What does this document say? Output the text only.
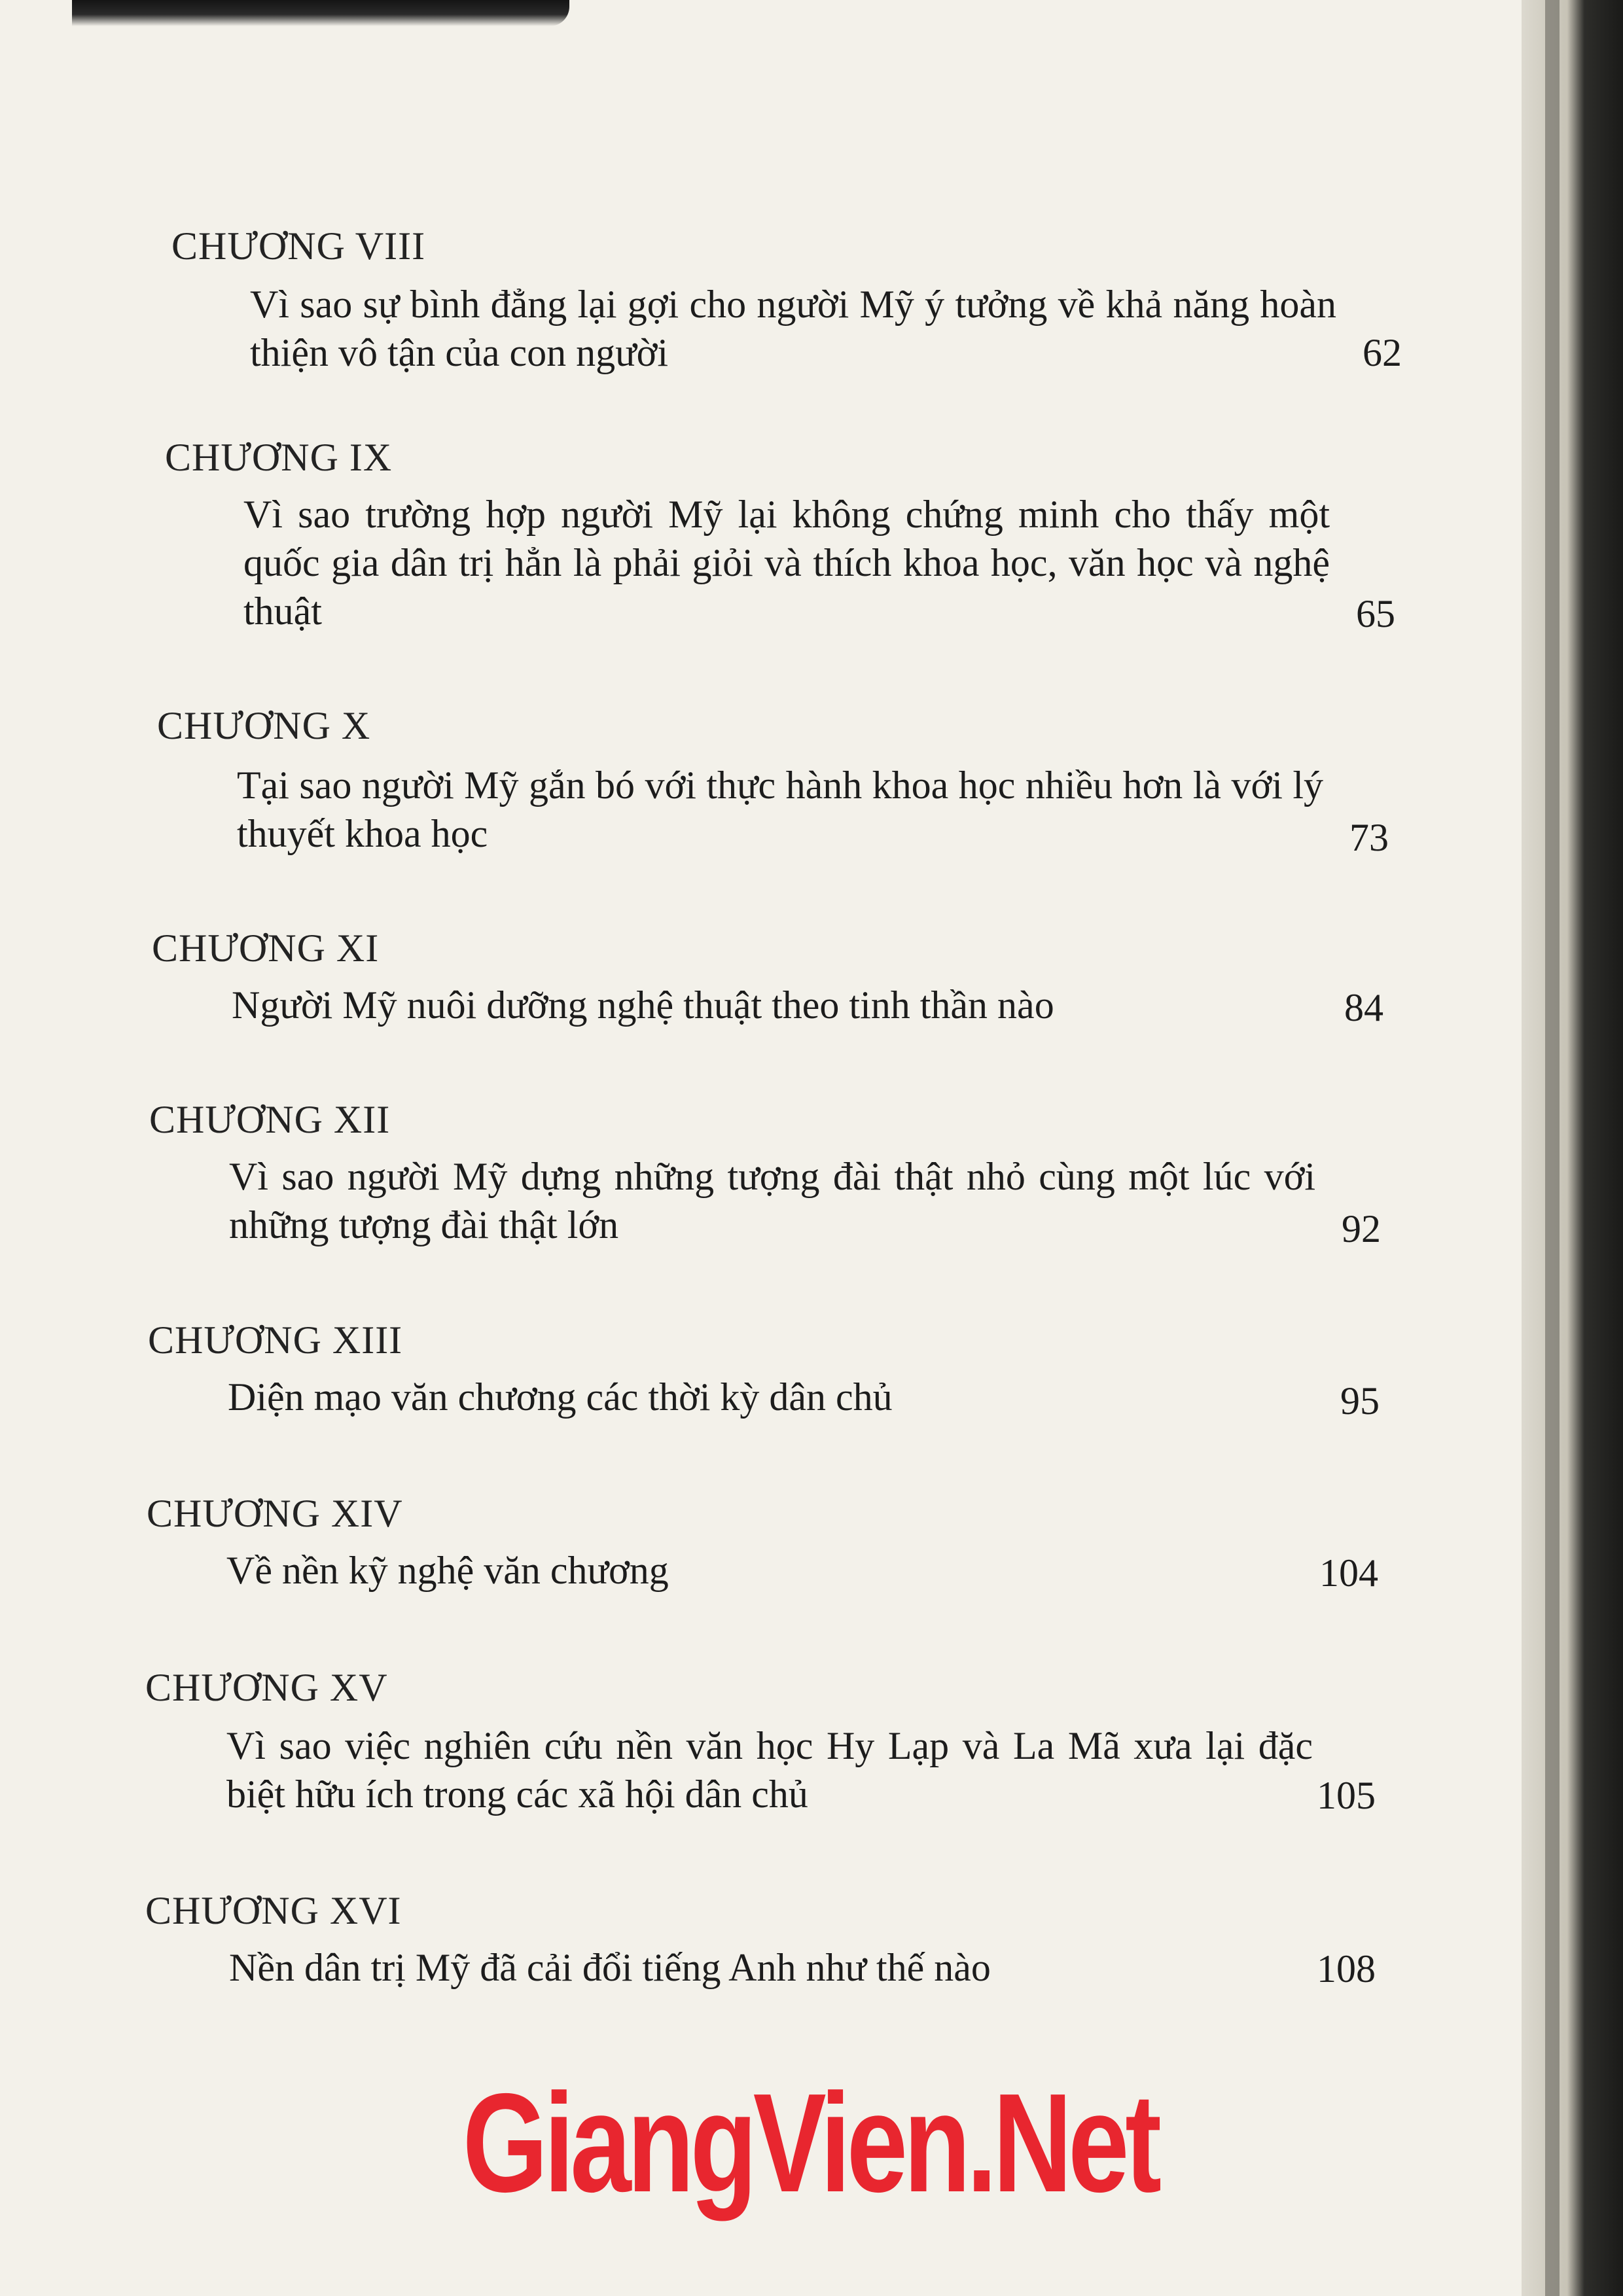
CHƯƠNG VIII
Vì sao sự bình đẳng lại gợi cho người Mỹ ý tưởng về khả năng hoàn thiện vô tận của con người	62
CHƯƠNG IX
Vì sao trường hợp người Mỹ lại không chứng minh cho thấy một quốc gia dân trị hẳn là phải giỏi và thích khoa học, văn học và nghệ thuật	65
CHƯƠNG X
Tại sao người Mỹ gắn bó với thực hành khoa học nhiều hơn là với lý thuyết khoa học	73
CHƯƠNG XI
Người Mỹ nuôi dưỡng nghệ thuật theo tinh thần nào	84
CHƯƠNG XII
Vì sao người Mỹ dựng những tượng đài thật nhỏ cùng một lúc với những tượng đài thật lớn	92
CHƯƠNG XIII
Diện mạo văn chương các thời kỳ dân chủ	95
CHƯƠNG XIV
Về nền kỹ nghệ văn chương	104
CHƯƠNG XV
Vì sao việc nghiên cứu nền văn học Hy Lạp và La Mã xưa lại đặc biệt hữu ích trong các xã hội dân chủ	105
CHƯƠNG XVI
Nền dân trị Mỹ đã cải đổi tiếng Anh như thế nào	108
GiangVien.Net
